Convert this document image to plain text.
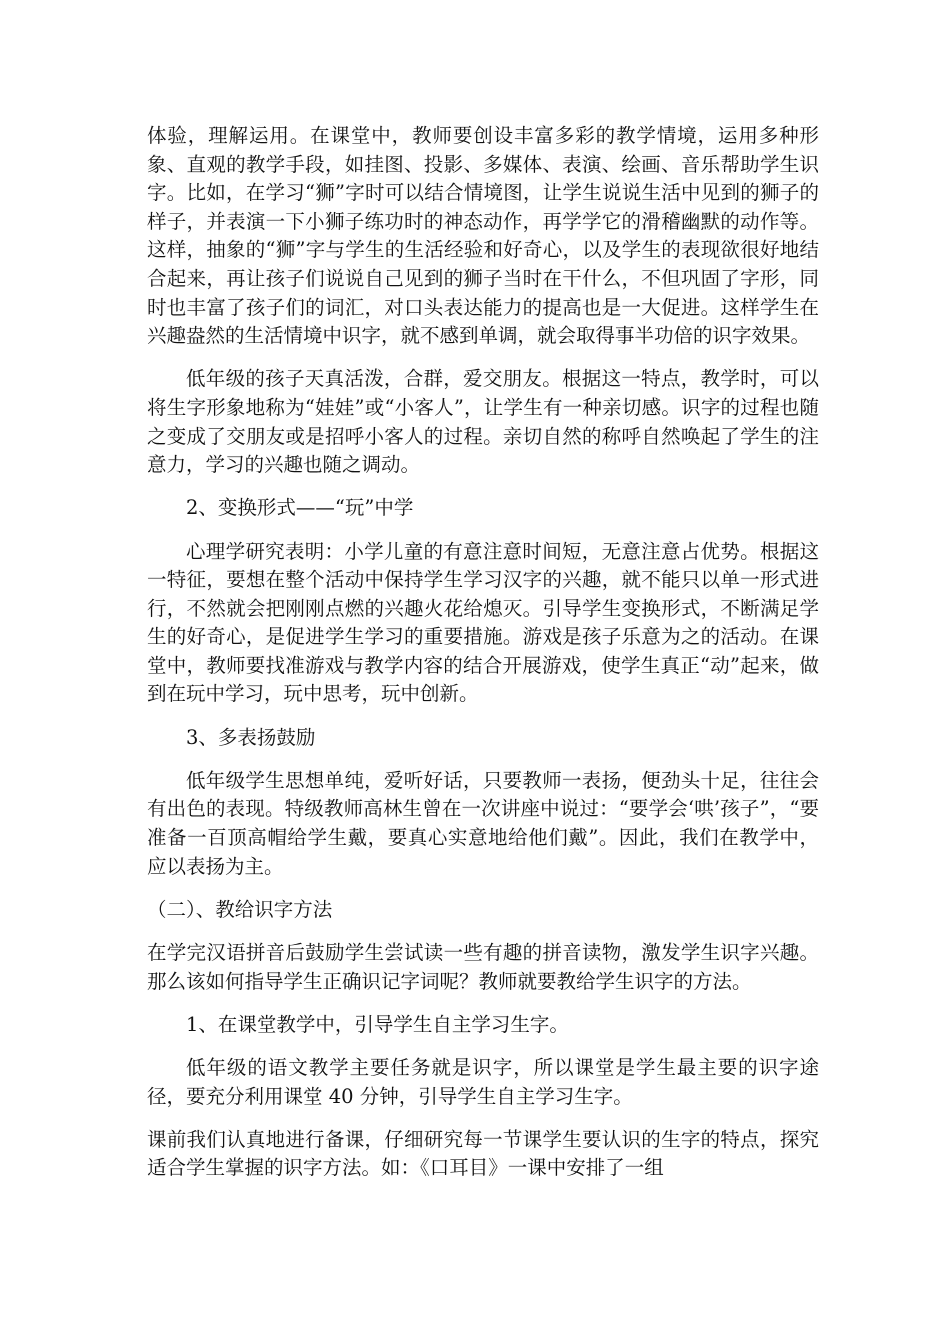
体验，理解运用。在课堂中，教师要创设丰富多彩的教学情境，运用多种形象、直观的教学手段，如挂图、投影、多媒体、表演、绘画、音乐帮助学生识字。比如，在学习“狮”字时可以结合情境图，让学生说说生活中见到的狮子的样子，并表演一下小狮子练功时的神态动作，再学学它的滑稽幽默的动作等。这样，抽象的“狮”字与学生的生活经验和好奇心，以及学生的表现欲很好地结合起来，再让孩子们说说自己见到的狮子当时在干什么，不但巩固了字形，同时也丰富了孩子们的词汇，对口头表达能力的提高也是一大促进。这样学生在兴趣盎然的生活情境中识字，就不感到单调，就会取得事半功倍的识字效果。

低年级的孩子天真活泼，合群，爱交朋友。根据这一特点，教学时，可以将生字形象地称为“娃娃”或“小客人”，让学生有一种亲切感。识字的过程也随之变成了交朋友或是招呼小客人的过程。亲切自然的称呼自然唤起了学生的注意力，学习的兴趣也随之调动。

2、变换形式——“玩”中学

心理学研究表明：小学儿童的有意注意时间短，无意注意占优势。根据这一特征，要想在整个活动中保持学生学习汉字的兴趣，就不能只以单一形式进行，不然就会把刚刚点燃的兴趣火花给熄灭。引导学生变换形式，不断满足学生的好奇心，是促进学生学习的重要措施。游戏是孩子乐意为之的活动。在课堂中，教师要找准游戏与教学内容的结合开展游戏，使学生真正“动”起来，做到在玩中学习，玩中思考，玩中创新。

3、多表扬鼓励

低年级学生思想单纯，爱听好话，只要教师一表扬，便劲头十足，往往会有出色的表现。特级教师高林生曾在一次讲座中说过：“要学会‘哄’孩子”，“要准备一百顶高帽给学生戴，要真心实意地给他们戴”。因此，我们在教学中，应以表扬为主。

（二）、教给识字方法

在学完汉语拼音后鼓励学生尝试读一些有趣的拼音读物，激发学生识字兴趣。那么该如何指导学生正确识记字词呢？教师就要教给学生识字的方法。

1、在课堂教学中，引导学生自主学习生字。

低年级的语文教学主要任务就是识字，所以课堂是学生最主要的识字途径，要充分利用课堂 40 分钟，引导学生自主学习生字。

课前我们认真地进行备课，仔细研究每一节课学生要认识的生字的特点，探究适合学生掌握的识字方法。如：《口耳目》一课中安排了一组
